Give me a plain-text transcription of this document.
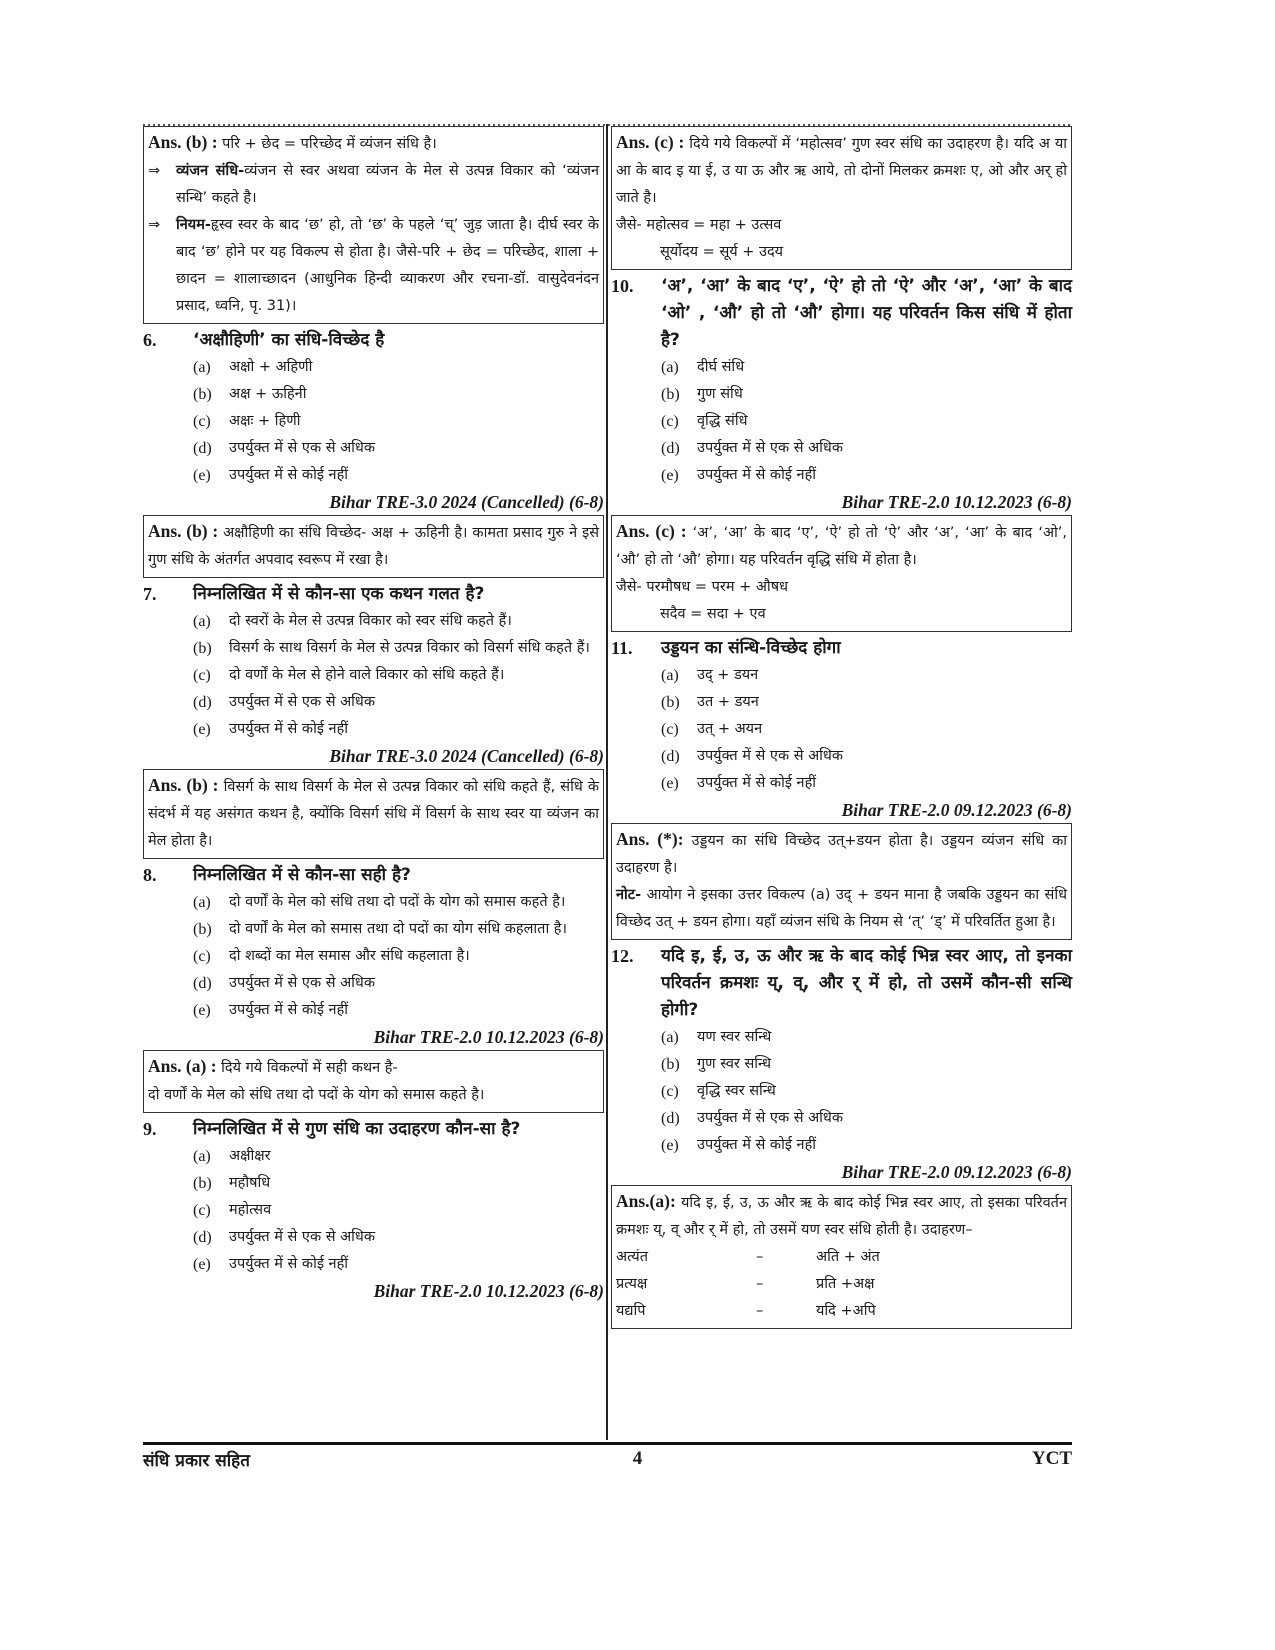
Ans. (b) : परि + छेद = परिच्छेद में व्यंजन संधि है।
⇒	व्यंजन संधि-व्यंजन से स्वर अथवा व्यंजन के मेल से उत्पन्न विकार को ‘व्यंजन सन्धि’ कहते है।
⇒	नियम-हृस्व स्वर के बाद ‘छ’ हो, तो ‘छ’ के पहले ‘च्’ जुड़ जाता है। दीर्घ स्वर के बाद ‘छ’ होने पर यह विकल्प से होता है। जैसे-परि + छेद = परिच्छेद, शाला + छादन = शालाच्छादन (आधुनिक हिन्दी व्याकरण और रचना-डॉ. वासुदेवनंदन प्रसाद, ध्वनि, पृ. 31)।
6.	‘अक्षौहिणी’ का संधि-विच्छेद है
(a)	अक्षो + अहिणी
(b)	अक्ष + ऊहिनी
(c)	अक्षः + हिणी
(d)	उपर्युक्त में से एक से अधिक
(e)	उपर्युक्त में से कोई नहीं
Bihar TRE-3.0 2024 (Cancelled) (6-8)
Ans. (b) : अक्षौहिणी का संधि विच्छेद- अक्ष + ऊहिनी है। कामता प्रसाद गुरु ने इसे गुण संधि के अंतर्गत अपवाद स्वरूप में रखा है।
7.	निम्नलिखित में से कौन-सा एक कथन गलत है?
(a)	दो स्वरों के मेल से उत्पन्न विकार को स्वर संधि कहते हैं।
(b)	विसर्ग के साथ विसर्ग के मेल से उत्पन्न विकार को विसर्ग संधि कहते हैं।
(c)	दो वर्णों के मेल से होने वाले विकार को संधि कहते हैं।
(d)	उपर्युक्त में से एक से अधिक
(e)	उपर्युक्त में से कोई नहीं
Bihar TRE-3.0 2024 (Cancelled) (6-8)
Ans. (b) : विसर्ग के साथ विसर्ग के मेल से उत्पन्न विकार को संधि कहते हैं, संधि के संदर्भ में यह असंगत कथन है, क्योंकि विसर्ग संधि में विसर्ग के साथ स्वर या व्यंजन का मेल होता है।
8.	निम्नलिखित में से कौन-सा सही है?
(a)	दो वर्णों के मेल को संधि तथा दो पदों के योग को समास कहते है।
(b)	दो वर्णों के मेल को समास तथा दो पदों का योग संधि कहलाता है।
(c)	दो शब्दों का मेल समास और संधि कहलाता है।
(d)	उपर्युक्त में से एक से अधिक
(e)	उपर्युक्त में से कोई नहीं
Bihar TRE-2.0 10.12.2023 (6-8)
Ans. (a) : दिये गये विकल्पों में सही कथन है-
दो वर्णों के मेल को संधि तथा दो पदों के योग को समास कहते है।
9.	निम्नलिखित में से गुण संधि का उदाहरण कौन-सा है?
(a)	अक्षीक्षर
(b)	महौषधि
(c)	महोत्सव
(d)	उपर्युक्त में से एक से अधिक
(e)	उपर्युक्त में से कोई नहीं
Bihar TRE-2.0 10.12.2023 (6-8)
Ans. (c) : दिये गये विकल्पों में ‘महोत्सव’ गुण स्वर संधि का उदाहरण है। यदि अ या आ के बाद इ या ई, उ या ऊ और ऋ आये, तो दोनों मिलकर क्रमशः ए, ओ और अर् हो जाते है।
जैसे- महोत्सव = महा + उत्सव
सूर्योदय = सूर्य + उदय
10.	‘अ’, ‘आ’ के बाद ‘ए’, ‘ऐ’ हो तो ‘ऐ’ और ‘अ’, ‘आ’ के बाद ‘ओ’ , ‘औ’ हो तो ‘औ’ होगा। यह परिवर्तन किस संधि में होता है?
(a)	दीर्घ संधि
(b)	गुण संधि
(c)	वृद्धि संधि
(d)	उपर्युक्त में से एक से अधिक
(e)	उपर्युक्त में से कोई नहीं
Bihar TRE-2.0 10.12.2023 (6-8)
Ans. (c) : ‘अ’, ‘आ’ के बाद ‘ए’, ‘ऐ’ हो तो ‘ऐ’ और ‘अ’, ‘आ’ के बाद ‘ओ’, ‘औ’ हो तो ‘औ’ होगा। यह परिवर्तन वृद्धि संधि में होता है।
जैसे- परमौषध = परम + औषध
सदैव = सदा + एव
11.	उड्डयन का संन्धि-विच्छेद होगा
(a)	उद् + डयन
(b)	उत + डयन
(c)	उत् + अयन
(d)	उपर्युक्त में से एक से अधिक
(e)	उपर्युक्त में से कोई नहीं
Bihar TRE-2.0 09.12.2023 (6-8)
Ans. (*): उड्डयन का संधि विच्छेद उत्+डयन होता है। उड्डयन व्यंजन संधि का उदाहरण है।
नोट- आयोग ने इसका उत्तर विकल्प (a) उद् + डयन माना है जबकि उड्डयन का संधि विच्छेद उत् + डयन होगा। यहाँ व्यंजन संधि के नियम से ‘त्’ ‘ड्’ में परिवर्तित हुआ है।
12.	यदि इ, ई, उ, ऊ और ऋ के बाद कोई भिन्न स्वर आए, तो इनका परिवर्तन क्रमशः य्, व्, और र् में हो, तो उसमें कौन-सी सन्धि होगी?
(a)	यण स्वर सन्धि
(b)	गुण स्वर सन्धि
(c)	वृद्धि स्वर सन्धि
(d)	उपर्युक्त में से एक से अधिक
(e)	उपर्युक्त में से कोई नहीं
Bihar TRE-2.0 09.12.2023 (6-8)
Ans.(a): यदि इ, ई, उ, ऊ और ऋ के बाद कोई भिन्न स्वर आए, तो इसका परिवर्तन क्रमशः य्, व् और र् में हो, तो उसमें यण स्वर संधि होती है। उदाहरण–
अत्यंत	–	अति + अंत
प्रत्यक्ष	–	प्रति +अक्ष
यद्यपि	–	यदि +अपि
संधि प्रकार सहित	4	YCT
